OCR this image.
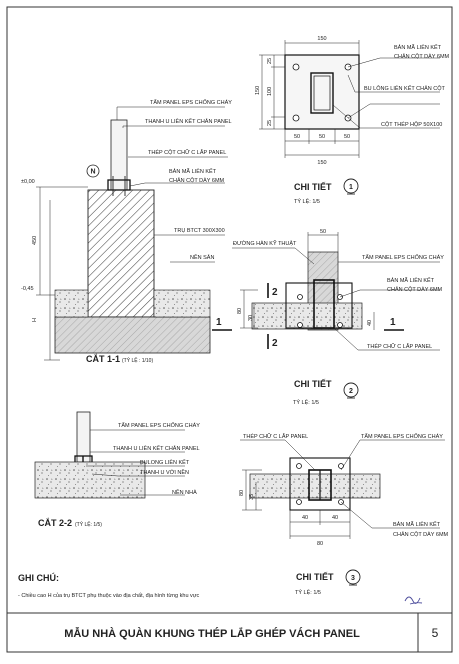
N
±0,00
-0,45
450
H
TẤM PANEL EPS CHỐNG CHÁY
THANH U LIÊN KẾT CHÂN PANEL
THÉP CỘT CHỮ C LẮP PANEL
BẢN MÃ LIÊN KẾT
CHÂN CỘT DÀY 6MM
TRỤ BTCT 300X300
NỀN SÂN
CẮT 1-1 (TỶ LỆ : 1/10)
150
50	50	50
150
150
25
100
25
BẢN MÃ LIÊN KẾT
CHÂN CỘT DÀY 6MM
BU LÔNG LIÊN KẾT CHÂN CỘT
CỘT THÉP HỘP 50X100
CHI TIẾT	1
TỶ LỆ: 1/5
2
2
1	1
50
80
30
40
ĐƯỜNG HÀN KỸ THUẬT
TẤM PANEL EPS CHỐNG CHÁY
BẢN MÃ LIÊN KẾT
CHÂN CỘT DÀY 6MM
THÉP CHỮ C LẮP PANEL
CHI TIẾT
2
TỶ LỆ: 1/5
TẤM PANEL EPS CHỐNG CHÁY
THANH U LIÊN KẾT CHÂN PANEL
BULONG LIÊN KẾT
THANH U VỚI NỀN
NỀN NHÀ
CẮT 2-2 (TỶ LỆ: 1/5)
80
35
40	40
80
THÉP CHỮ C LẮP PANEL	TẤM PANEL EPS CHỐNG CHÁY
BẢN MÃ LIÊN KẾT
CHÂN CỘT DÀY 6MM
CHI TIẾT	3
TỶ LỆ: 1/5
GHI CHÚ:
- Chiều cao H của trụ BTCT phụ thuộc vào địa chất, địa hình từng khu vực
MẪU NHÀ QUÀN KHUNG THÉP LẮP GHÉP VÁCH PANEL	5
